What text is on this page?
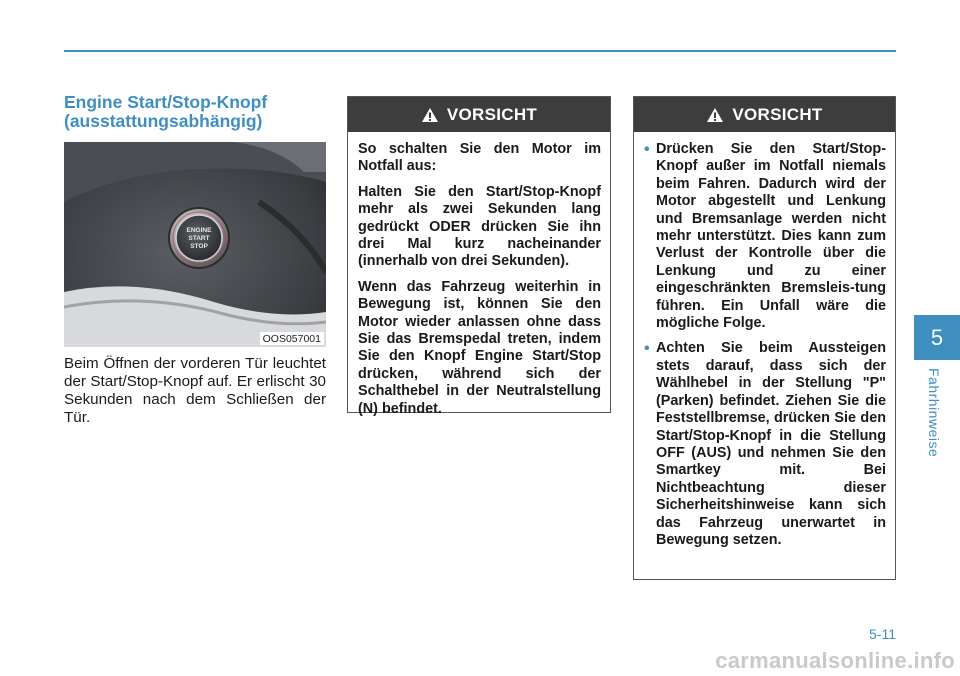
Engine Start/Stop-Knopf
(ausstattungsabhängig)
ENGINE
START
STOP
OOS057001

Beim Öffnen der vorderen Tür leuchtet der Start/Stop-Knopf auf. Er erlischt 30 Sekunden nach dem Schließen der Tür.

VORSICHT

So schalten Sie den Motor im Notfall aus:

Halten Sie den Start/Stop-Knopf mehr als zwei Sekunden lang gedrückt ODER drücken Sie ihn drei Mal kurz nacheinander (innerhalb von drei Sekunden).

Wenn das Fahrzeug weiterhin in Bewegung ist, können Sie den Motor wieder anlassen ohne dass Sie das Bremspedal treten, indem Sie den Knopf Engine Start/Stop drücken, während sich der Schalthebel in der Neutralstellung (N) befindet.

VORSICHT
• Drücken Sie den Start/Stop-Knopf außer im Notfall niemals beim Fahren. Dadurch wird der Motor abgestellt und Lenkung und Bremsanlage werden nicht mehr unterstützt. Dies kann zum Verlust der Kontrolle über die Lenkung und zu einer eingeschränkten Bremsleis-tung führen. Ein Unfall wäre die mögliche Folge.
• Achten Sie beim Aussteigen stets darauf, dass sich der Wählhebel in der Stellung "P" (Parken) befindet. Ziehen Sie die Feststellbremse, drücken Sie den Start/Stop-Knopf in die Stellung OFF (AUS) und nehmen Sie den Smartkey mit. Bei Nichtbeachtung dieser Sicherheitshinweise kann sich das Fahrzeug unerwartet in Bewegung setzen.
5
Fahrhinweise
5-11
carmanualsonline.info
